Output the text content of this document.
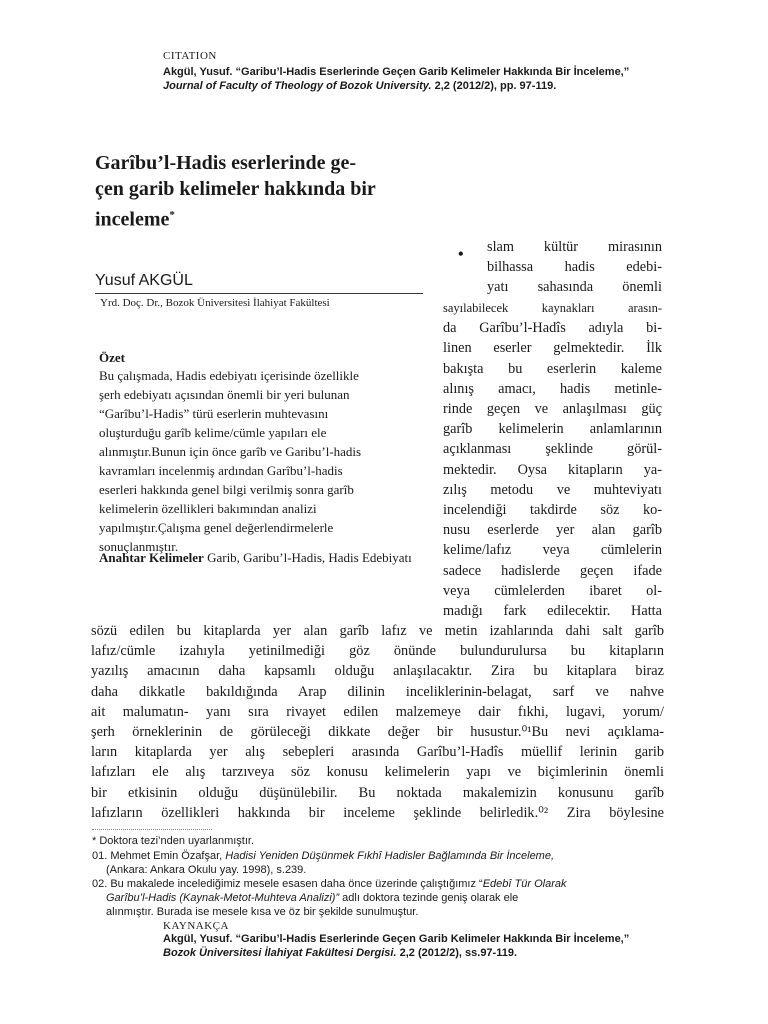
CITATION
Akgül, Yusuf. “Garibu’l-Hadis Eserlerinde Geçen Garib Kelimeler Hakkında Bir İnceleme,”
Journal of Faculty of Theology of Bozok University. 2,2 (2012/2), pp. 97-119.
Garîbu’l-Hadis eserlerinde ge-
çen garib kelimeler hakkında bir
inceleme*
Yusuf AKGÜL
Yrd. Doç. Dr., Bozok Üniversitesi İlahiyat Fakültesi
Özet
Bu çalışmada, Hadis edebiyatı içerisinde özellikle
şerh edebiyatı açısından önemli bir yeri bulunan
“Garîbu’l-Hadis” türü eserlerin muhtevasını
oluşturduğu garîb kelime/cümle yapıları ele
alınmıştır.Bunun için önce garîb ve Garibu’l-hadis
kavramları incelenmiş ardından Garîbu’l-hadis
eserleri hakkında genel bilgi verilmiş sonra garîb
kelimelerin özellikleri bakımından analizi
yapılmıştır.Çalışma genel değerlendirmelerle
sonuçlanmıştır.
Anahtar Kelimeler Garib, Garibu’l-Hadis, Hadis Edebiyatı
• slam kültür mirasının
bilhassa hadis edebi-
yatı sahasında önemli
sayılabilecek kaynakları arasın-
da Garîbu’l-Hadîs adıyla bi-
linen eserler gelmektedir. İlk
bakışta bu eserlerin kaleme
alınış amacı, hadis metinle-
rinde geçen ve anlaşılması güç
garîb kelimelerin anlamlarının
açıklanması şeklinde görül-
mektedir. Oysa kitapların ya-
zılış metodu ve muhteviyatı
incelendiği takdirde söz ko-
nusu eserlerde yer alan garîb
kelime/lafız veya cümlelerin
sadece hadislerde geçen ifade
veya cümlelerden ibaret ol-
madığı fark edilecektir. Hatta
sözü edilen bu kitaplarda yer alan garîb lafız ve metin izahlarında dahi salt garîb
lafız/cümle izahıyla yetinilmediği göz önünde bulundurulursa bu kitapların
yazılış amacının daha kapsamlı olduğu anlaşılacaktır. Zira bu kitaplara biraz
daha dikkatle bakıldığında Arap dilinin inceliklerinin-belagat, sarf ve nahve
ait malumatın- yanı sıra rivayet edilen malzemeye dair fıkhi, lugavi, yorum/
şerh örneklerinin de görüleceği dikkate değer bir husustur.⁰¹Bu nevi açıklama-
ların kitaplarda yer alış sebepleri arasında Garîbu’l-Hadîs müellif lerinin garib
lafızları ele alış tarzıveya söz konusu kelimelerin yapı ve biçimlerinin önemli
bir etkisinin olduğu düşünülebilir. Bu noktada makalemizin konusunu garîb
lafızların özellikleri hakkında bir inceleme şeklinde belirledik.⁰² Zira böylesine
* Doktora tezi’nden uyarlanmıştır.
01. Mehmet Emin Özafşar, Hadisi Yeniden Düşünmek Fıkhî Hadisler Bağlamında Bir İnceleme,
(Ankara: Ankara Okulu yay. 1998), s.239.
02. Bu makalede incelediğimiz mesele esasen daha önce üzerinde çalıştığımız “Edebî Tür Olarak
Garîbu’l-Hadis (Kaynak-Metot-Muhteva Analizi)” adlı doktora tezinde geniş olarak ele
alınmıştır. Burada ise mesele kısa ve öz bir şekilde sunulmuştur.
KAYNAKÇA
Akgül, Yusuf. “Garibu’l-Hadis Eserlerinde Geçen Garib Kelimeler Hakkında Bir İnceleme,”
Bozok Üniversitesi İlahiyat Fakültesi Dergisi. 2,2 (2012/2), ss.97-119.
